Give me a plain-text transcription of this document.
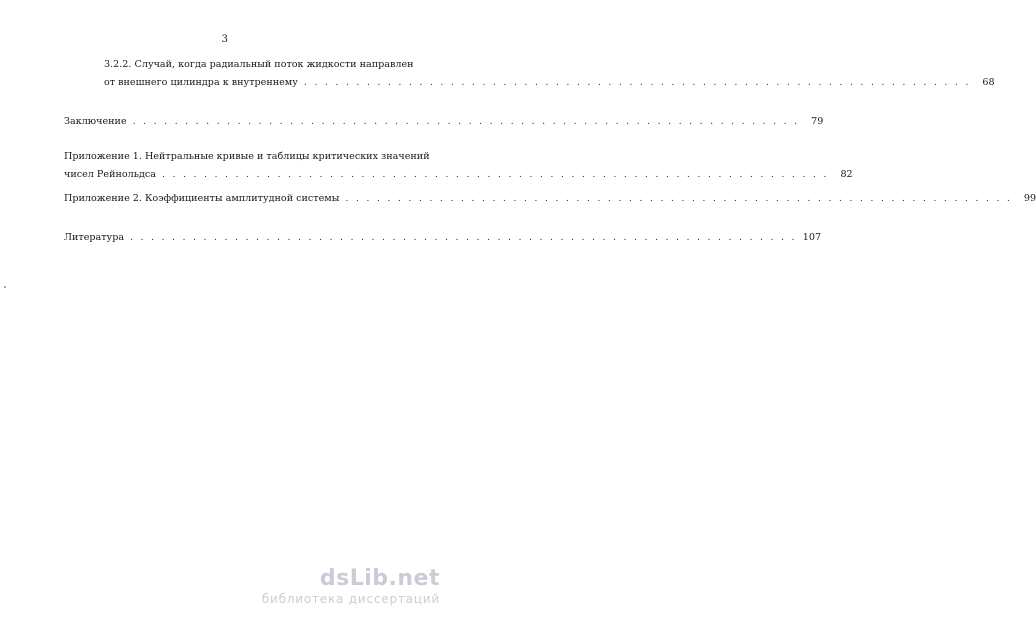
3
3.2.2. Случай, когда радиальный поток жидкости направлен
от внешнего цилиндра к внутреннему . . . . . . . . . . . . . . . . . . . . . . . . . . . . . . . . . . . . . . . . . . . . . . . . . . . . . . . . . . . . . . . .	68
Заключение . . . . . . . . . . . . . . . . . . . . . . . . . . . . . . . . . . . . . . . . . . . . . . . . . . . . . . . . . . . . . . . .	79
Приложение 1. Нейтральные кривые и таблицы критических значений
чисел Рейнольдса . . . . . . . . . . . . . . . . . . . . . . . . . . . . . . . . . . . . . . . . . . . . . . . . . . . . . . . . . . . . . . . .	82
Приложение 2. Коэффициенты амплитудной системы . . . . . . . . . . . . . . . . . . . . . . . . . . . . . . . . . . . . . . . . . . . . . . . . . . . . . . . . . . . . . . . .	99
Литература . . . . . . . . . . . . . . . . . . . . . . . . . . . . . . . . . . . . . . . . . . . . . . . . . . . . . . . . . . . . . . . . 107
dsLib.net
библиотека диссертаций
